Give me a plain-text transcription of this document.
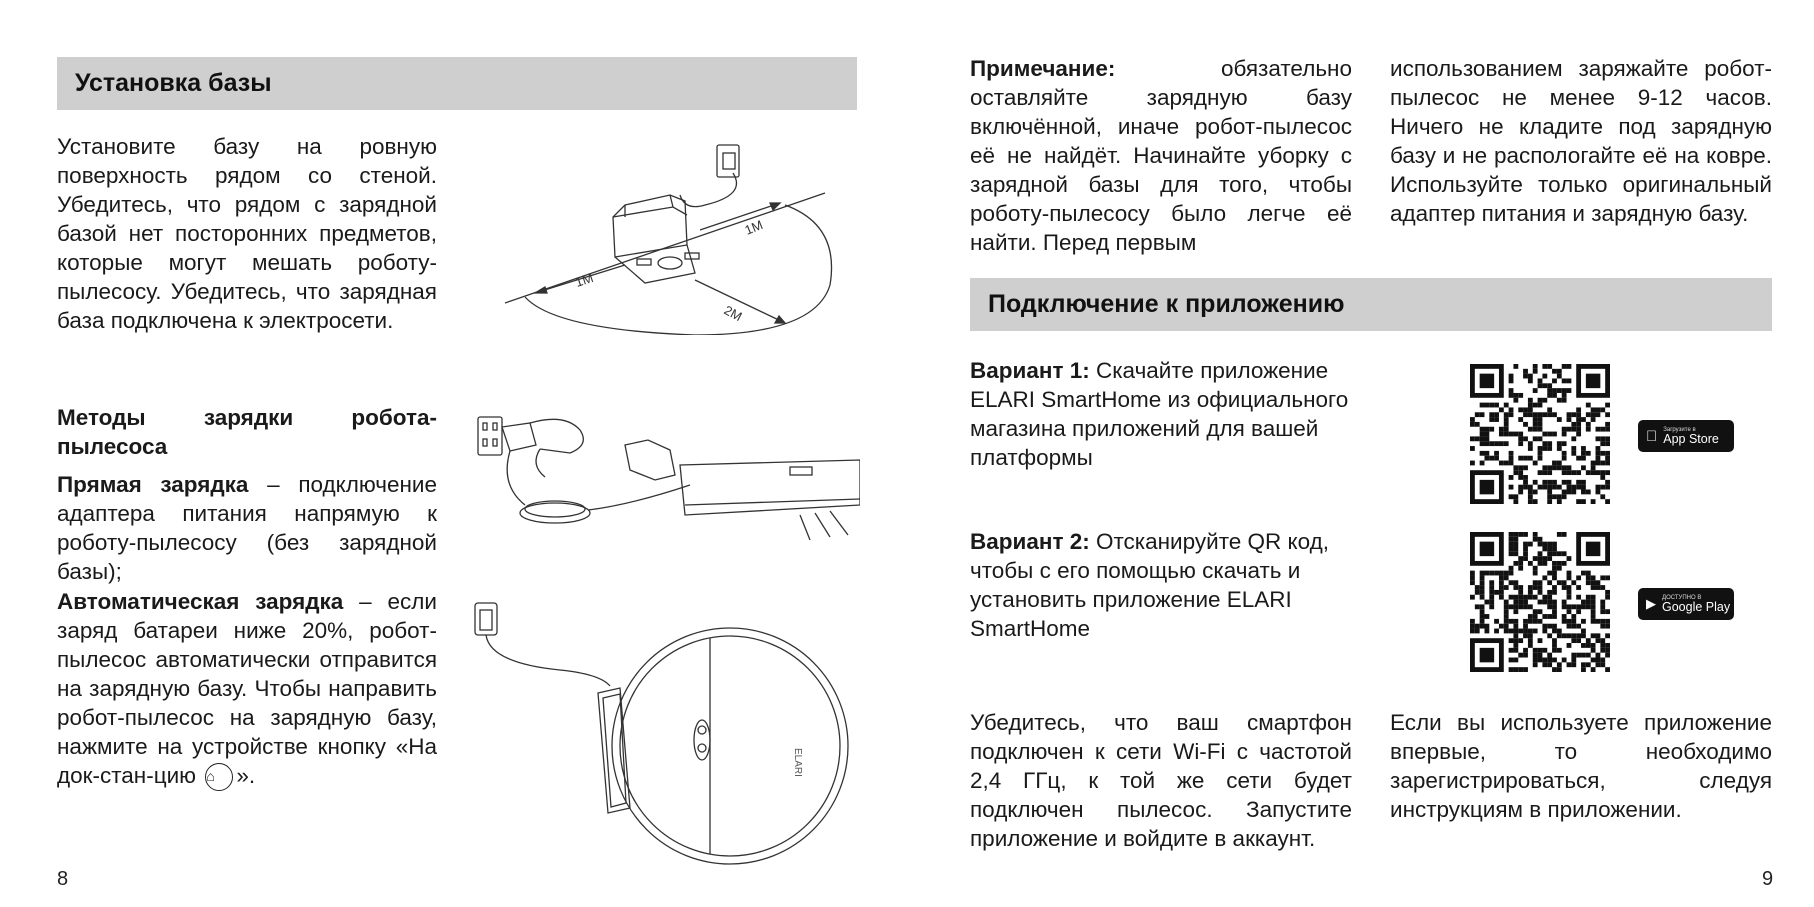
Установка базы

Установите базу на ровную поверхность рядом со стеной. Убедитесь, что рядом с зарядной базой нет посторонних предметов, которые могут мешать роботу-пылесосу. Убедитесь, что зарядная база подключена к электросети.

Методы зарядки робота-пылесоса

Прямая зарядка – подключение адаптера питания напрямую к роботу-пылесосу (без зарядной базы);

Автоматическая зарядка – если заряд батареи ниже 20%, робот-пылесос автоматически отправится на зарядную базу. Чтобы направить робот-пылесос на зарядную базу, нажмите на устройстве кнопку «На док-стан-цию ⌂ ».

1M
1M
2M
ELARI
8

Примечание: обязательно оставляйте зарядную базу включённой, иначе робот-пылесос её не найдёт. Начинайте уборку с зарядной базы для того, чтобы роботу-пылесосу было легче её найти. Перед первым

использованием заряжайте робот-пылесос не менее 9-12 часов. Ничего не кладите под зарядную базу и не распологайте её на ковре. Используйте только оригинальный адаптер питания и зарядную базу.

Подключение к приложению

Вариант 1: Скачайте приложение ELARI SmartHome из официального магазина приложений для вашей платформы

Вариант 2: Отсканируйте QR код, чтобы с его помощью скачать и установить приложение ELARI SmartHome

Загрузите в
App Store
▶ ДОСТУПНО В
Google Play

Убедитесь, что ваш смартфон подключен к сети Wi-Fi с частотой 2,4 ГГц, к той же сети будет подключен пылесос. Запустите приложение и войдите в аккаунт.

Если вы используете приложение впервые, то необходимо зарегистрироваться, следуя инструкциям в приложении.

9
